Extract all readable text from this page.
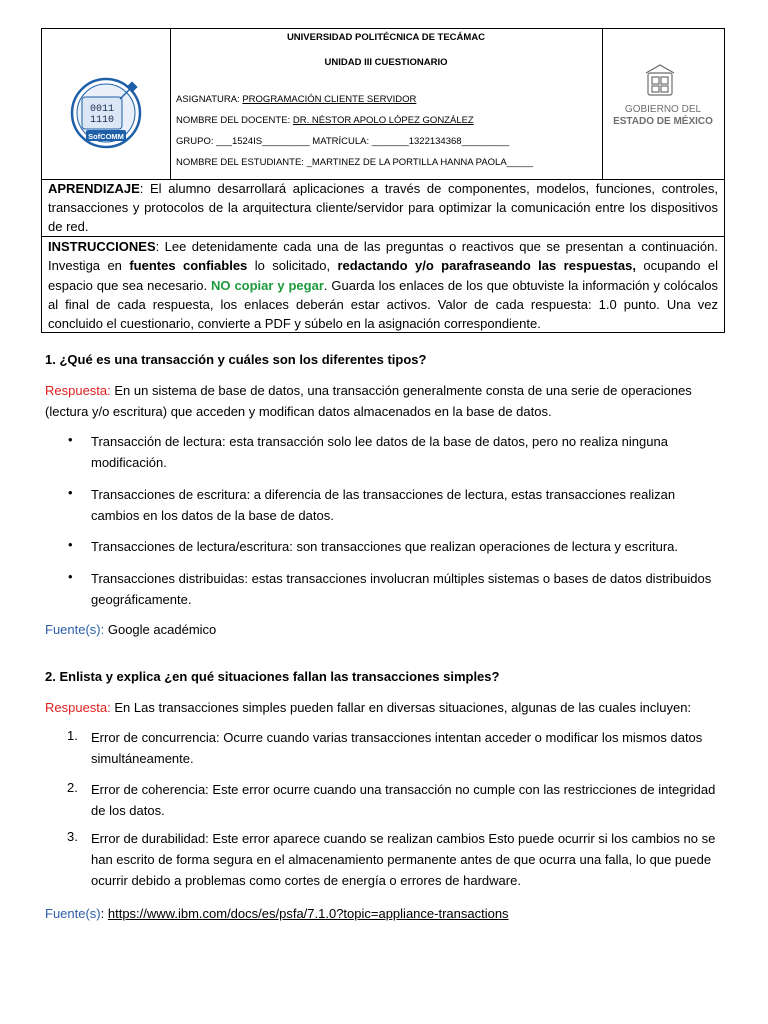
0011
1110
SofCOMM
UNIVERSIDAD POLITÉCNICA DE TECÁMAC
UNIDAD III CUESTIONARIO
ASIGNATURA: PROGRAMACIÓN CLIENTE SERVIDOR
NOMBRE DEL DOCENTE: DR. NÉSTOR APOLO LÓPEZ GONZÁLEZ
GRUPO: ___1524IS_________ MATRÍCULA: _______1322134368_________
NOMBRE DEL ESTUDIANTE: _MARTINEZ DE LA PORTILLA HANNA PAOLA_____
GOBIERNO DEL
ESTADO DE MÉXICO
APRENDIZAJE: El alumno desarrollará aplicaciones a través de componentes, modelos, funciones, controles, transacciones y protocolos de la arquitectura cliente/servidor para optimizar la comunicación entre los dispositivos de red.
INSTRUCCIONES: Lee detenidamente cada una de las preguntas o reactivos que se presentan a continuación. Investiga en fuentes confiables lo solicitado, redactando y/o parafraseando las respuestas, ocupando el espacio que sea necesario. NO copiar y pegar. Guarda los enlaces de los que obtuviste la información y colócalos al final de cada respuesta, los enlaces deberán estar activos. Valor de cada respuesta: 1.0 punto. Una vez concluido el cuestionario, convierte a PDF y súbelo en la asignación correspondiente.
1. ¿Qué es una transacción y cuáles son los diferentes tipos?
Respuesta: En un sistema de base de datos, una transacción generalmente consta de una serie de operaciones (lectura y/o escritura) que acceden y modifican datos almacenados en la base de datos.
• Transacción de lectura: esta transacción solo lee datos de la base de datos, pero no realiza ninguna modificación.
• Transacciones de escritura: a diferencia de las transacciones de lectura, estas transacciones realizan cambios en los datos de la base de datos.
• Transacciones de lectura/escritura: son transacciones que realizan operaciones de lectura y escritura.
• Transacciones distribuidas: estas transacciones involucran múltiples sistemas o bases de datos distribuidos geográficamente.
Fuente(s): Google académico
2. Enlista y explica ¿en qué situaciones fallan las transacciones simples?
Respuesta: En Las transacciones simples pueden fallar en diversas situaciones, algunas de las cuales incluyen:
1. Error de concurrencia: Ocurre cuando varias transacciones intentan acceder o modificar los mismos datos simultáneamente.
2. Error de coherencia: Este error ocurre cuando una transacción no cumple con las restricciones de integridad de los datos.
3. Error de durabilidad: Este error aparece cuando se realizan cambios Esto puede ocurrir si los cambios no se han escrito de forma segura en el almacenamiento permanente antes de que ocurra una falla, lo que puede ocurrir debido a problemas como cortes de energía o errores de hardware.
Fuente(s): https://www.ibm.com/docs/es/psfa/7.1.0?topic=appliance-transactions
